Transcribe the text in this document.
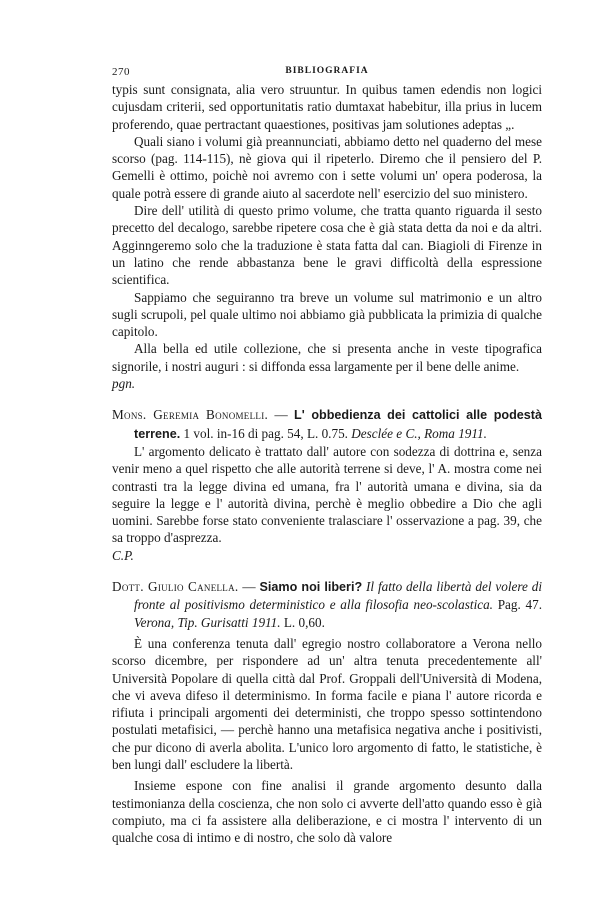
270	BIBLIOGRAFIA

typis sunt consignata, alia vero struuntur. In quibus tamen edendis non logici cujusdam criterii, sed opportunitatis ratio dumtaxat habebitur, illa prius in lucem proferendo, quae pertractant quaestiones, positivas jam solutiones adeptas „.

Quali siano i volumi già preannunciati, abbiamo detto nel quaderno del mese scorso (pag. 114-115), nè giova qui il ripeterlo. Diremo che il pensiero del P. Gemelli è ottimo, poichè noi avremo con i sette volumi un' opera poderosa, la quale potrà essere di grande aiuto al sacerdote nell' esercizio del suo ministero.

Dire dell' utilità di questo primo volume, che tratta quanto riguarda il sesto precetto del decalogo, sarebbe ripetere cosa che è già stata detta da noi e da altri. Agginngeremo solo che la traduzione è stata fatta dal can. Biagioli di Firenze in un latino che rende abbastanza bene le gravi difficoltà della espressione scientifica.

Sappiamo che seguiranno tra breve un volume sul matrimonio e un altro sugli scrupoli, pel quale ultimo noi abbiamo già pubblicata la primizia di qualche capitolo.

Alla bella ed utile collezione, che si presenta anche in veste tipografica signorile, i nostri auguri : si diffonda essa largamente per il bene delle anime.

pgn.

Mons. Geremia Bonomelli. — L' obbedienza dei cattolici alle podestà terrene. 1 vol. in-16 di pag. 54, L. 0.75. Desclée e C., Roma 1911.

L' argomento delicato è trattato dall' autore con sodezza di dottrina e, senza venir meno a quel rispetto che alle autorità terrene si deve, l' A. mostra come nei contrasti tra la legge divina ed umana, fra l' autorità umana e divina, sia da seguire la legge e l' autorità divina, perchè è meglio obbedire a Dio che agli uomini. Sarebbe forse stato conveniente tralasciare l' osservazione a pag. 39, che sa troppo d'asprezza.

C.P.

Dott. Giulio Canella. — Siamo noi liberi? Il fatto della libertà del volere di fronte al positivismo deterministico e alla filosofia neo-scolastica. Pag. 47. Verona, Tip. Gurisatti 1911. L. 0,60.

È una conferenza tenuta dall' egregio nostro collaboratore a Verona nello scorso dicembre, per rispondere ad un' altra tenuta precedentemente all' Università Popolare di quella città dal Prof. Groppali dell'Università di Modena, che vi aveva difeso il determinismo. In forma facile e piana l' autore ricorda e rifiuta i principali argomenti dei deterministi, che troppo spesso sottintendono postulati metafisici, — perchè hanno una metafisica negativa anche i positivisti, che pur dicono di averla abolita. L'unico loro argomento di fatto, le statistiche, è ben lungi dall' escludere la libertà.

Insieme espone con fine analisi il grande argomento desunto dalla testimonianza della coscienza, che non solo ci avverte dell'atto quando esso è già compiuto, ma ci fa assistere alla deliberazione, e ci mostra l' intervento di un qualche cosa di intimo e di nostro, che solo dà valore
